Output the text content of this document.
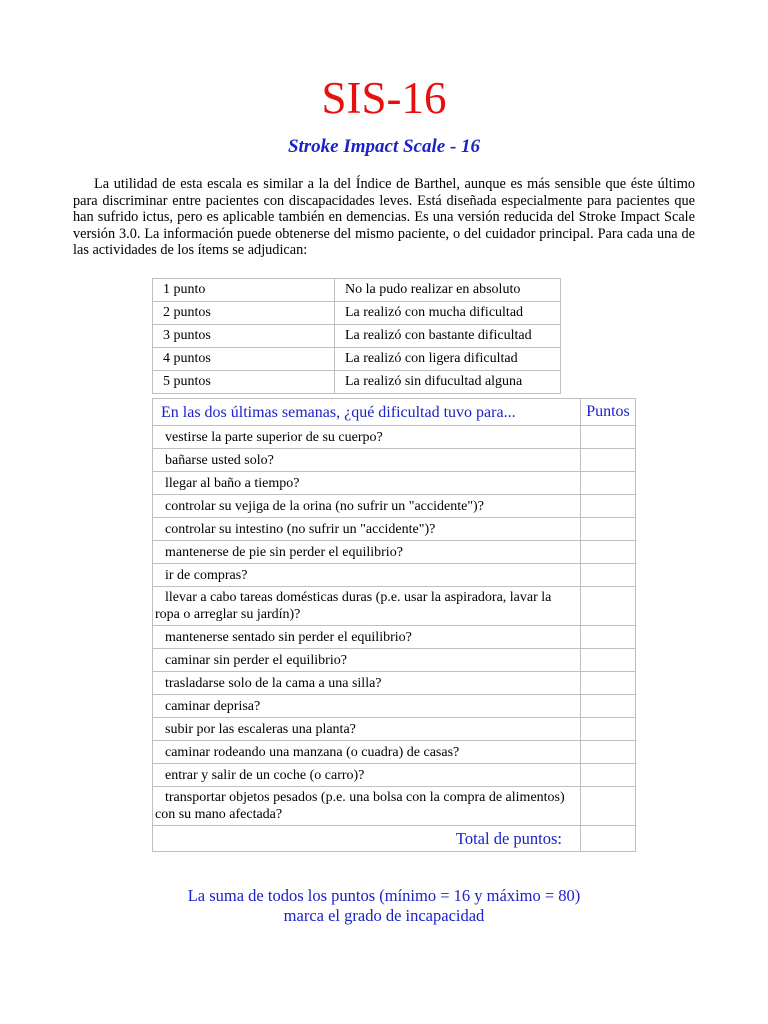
SIS-16
Stroke Impact Scale - 16

La utilidad de esta escala es similar a la del Índice de Barthel, aunque es más sensible que éste último para discriminar entre pacientes con discapacidades leves. Está diseñada especialmente para pacientes que han sufrido ictus, pero es aplicable también en demencias. Es una versión reducida del Stroke Impact Scale versión 3.0. La información puede obtenerse del mismo paciente, o del cuidador principal. Para cada una de las actividades de los ítems se adjudican:

1 punto	No la pudo realizar en absoluto
2 puntos	La realizó con mucha dificultad
3 puntos	La realizó con bastante dificultad
4 puntos	La realizó con ligera dificultad
5 puntos	La realizó sin difucultad alguna
En las dos últimas semanas, ¿qué dificultad tuvo para...	Puntos

vestirse la parte superior de su cuerpo?	

bañarse usted solo?	

llegar al baño a tiempo?	

controlar su vejiga de la orina (no sufrir un "accidente")?	

controlar su intestino (no sufrir un "accidente")?	

mantenerse de pie sin perder el equilibrio?	

ir de compras?	

llevar a cabo tareas domésticas duras (p.e. usar la aspiradora, lavar la ropa o arreglar su jardín)?	

mantenerse sentado sin perder el equilibrio?	

caminar sin perder el equilibrio?	

trasladarse solo de la cama a una silla?	

caminar deprisa?	

subir por las escaleras una planta?	

caminar rodeando una manzana (o cuadra) de casas?	

entrar y salir de un coche (o carro)?	

transportar objetos pesados (p.e. una bolsa con la compra de alimentos) con su mano afectada?	

Total de puntos:	

La suma de todos los puntos (mínimo = 16 y máximo = 80)
marca el grado de incapacidad
